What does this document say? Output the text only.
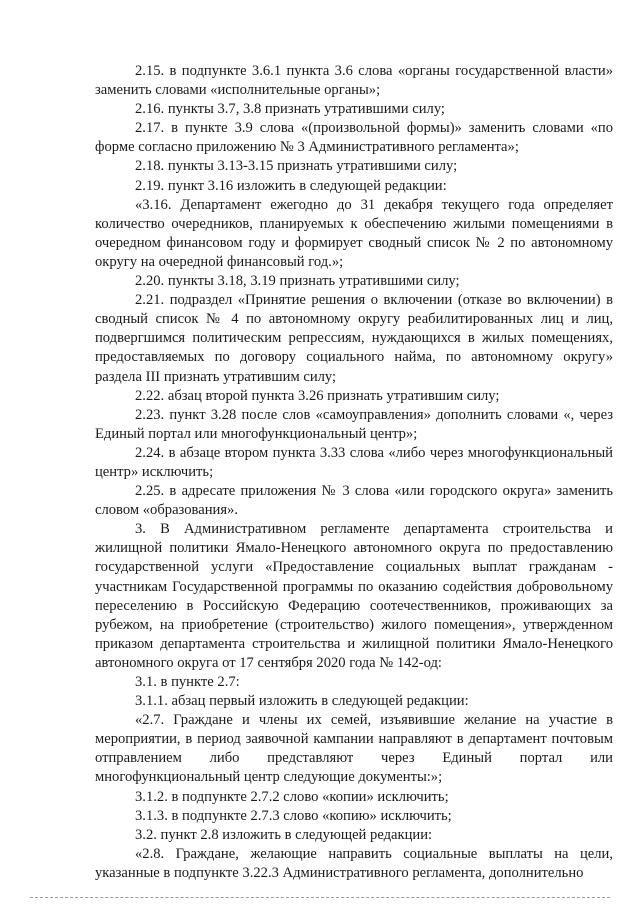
2.15. в подпункте 3.6.1 пункта 3.6 слова «органы государственной власти» заменить словами «исполнительные органы»;

2.16. пункты 3.7, 3.8 признать утратившими силу;

2.17. в пункте 3.9 слова «(произвольной формы)» заменить словами «по форме согласно приложению № 3 Административного регламента»;

2.18. пункты 3.13-3.15 признать утратившими силу;

2.19. пункт 3.16 изложить в следующей редакции:

«3.16. Департамент ежегодно до 31 декабря текущего года определяет количество очередников, планируемых к обеспечению жилыми помещениями в очередном финансовом году и формирует сводный список № 2 по автономному округу на очередной финансовый год.»;

2.20. пункты 3.18, 3.19 признать утратившими силу;

2.21. подраздел «Принятие решения о включении (отказе во включении) в сводный список № 4 по автономному округу реабилитированных лиц и лиц, подвергшимся политическим репрессиям, нуждающихся в жилых помещениях, предоставляемых по договору социального найма, по автономному округу» раздела III признать утратившим силу;

2.22. абзац второй пункта 3.26 признать утратившим силу;

2.23. пункт 3.28 после слов «самоуправления» дополнить словами «, через Единый портал или многофункциональный центр»;

2.24. в абзаце втором пункта 3.33 слова «либо через многофункциональный центр» исключить;

2.25. в адресате приложения № 3 слова «или городского округа» заменить словом «образования».

3. В Административном регламенте департамента строительства и жилищной политики Ямало-Ненецкого автономного округа по предоставлению государственной услуги «Предоставление социальных выплат гражданам - участникам Государственной программы по оказанию содействия добровольному переселению в Российскую Федерацию соотечественников, проживающих за рубежом, на приобретение (строительство) жилого помещения», утвержденном приказом департамента строительства и жилищной политики Ямало-Ненецкого автономного округа от 17 сентября 2020 года № 142-од:

3.1. в пункте 2.7:

3.1.1. абзац первый изложить в следующей редакции:

«2.7. Граждане и члены их семей, изъявившие желание на участие в мероприятии, в период заявочной кампании направляют в департамент почтовым отправлением либо представляют через Единый портал или многофункциональный центр следующие документы:»;

3.1.2. в подпункте 2.7.2 слово «копии» исключить;

3.1.3. в подпункте 2.7.3 слово «копию» исключить;

3.2. пункт 2.8 изложить в следующей редакции:

«2.8. Граждане, желающие направить социальные выплаты на цели, указанные в подпункте 3.22.3 Административного регламента, дополнительно
